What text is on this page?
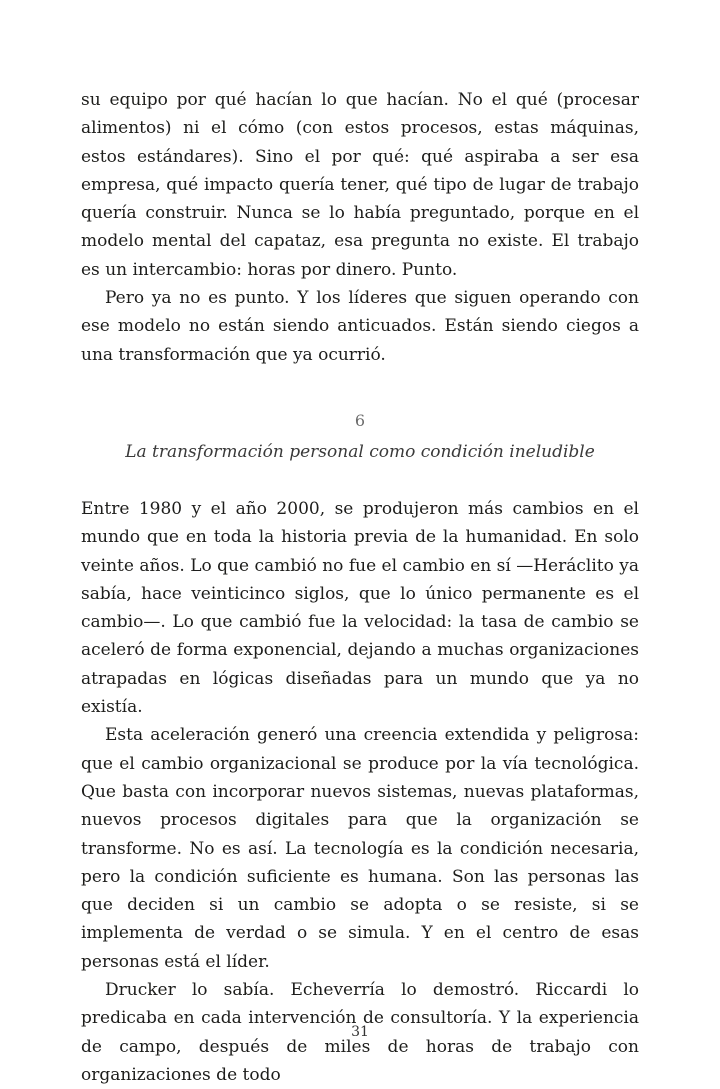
su equipo por qué hacían lo que hacían. No el qué (procesar alimentos) ni el cómo (con estos procesos, estas máquinas, estos estándares). Sino el por qué: qué aspiraba a ser esa empresa, qué impacto quería tener, qué tipo de lugar de trabajo quería construir. Nunca se lo había preguntado, porque en el modelo mental del capataz, esa pregunta no existe. El trabajo es un intercambio: horas por dinero. Punto.

Pero ya no es punto. Y los líderes que siguen operando con ese modelo no están siendo anticuados. Están siendo ciegos a una transformación que ya ocurrió.

6
La transformación personal como condición ineludible

Entre 1980 y el año 2000, se produjeron más cambios en el mundo que en toda la historia previa de la humanidad. En solo veinte años. Lo que cambió no fue el cambio en sí —Heráclito ya sabía, hace veinticinco siglos, que lo único permanente es el cambio—. Lo que cambió fue la velocidad: la tasa de cambio se aceleró de forma exponencial, dejando a muchas organizaciones atrapadas en lógicas diseñadas para un mundo que ya no existía.

Esta aceleración generó una creencia extendida y peligrosa: que el cambio organizacional se produce por la vía tecnológica. Que basta con incorporar nuevos sistemas, nuevas plataformas, nuevos procesos digitales para que la organización se transforme. No es así. La tecnología es la condición necesaria, pero la condición suficiente es humana. Son las personas las que deciden si un cambio se adopta o se resiste, si se implementa de verdad o se simula. Y en el centro de esas personas está el líder.

Drucker lo sabía. Echeverría lo demostró. Riccardi lo predicaba en cada intervención de consultoría. Y la experiencia de campo, después de miles de horas de trabajo con organizaciones de todo

31
